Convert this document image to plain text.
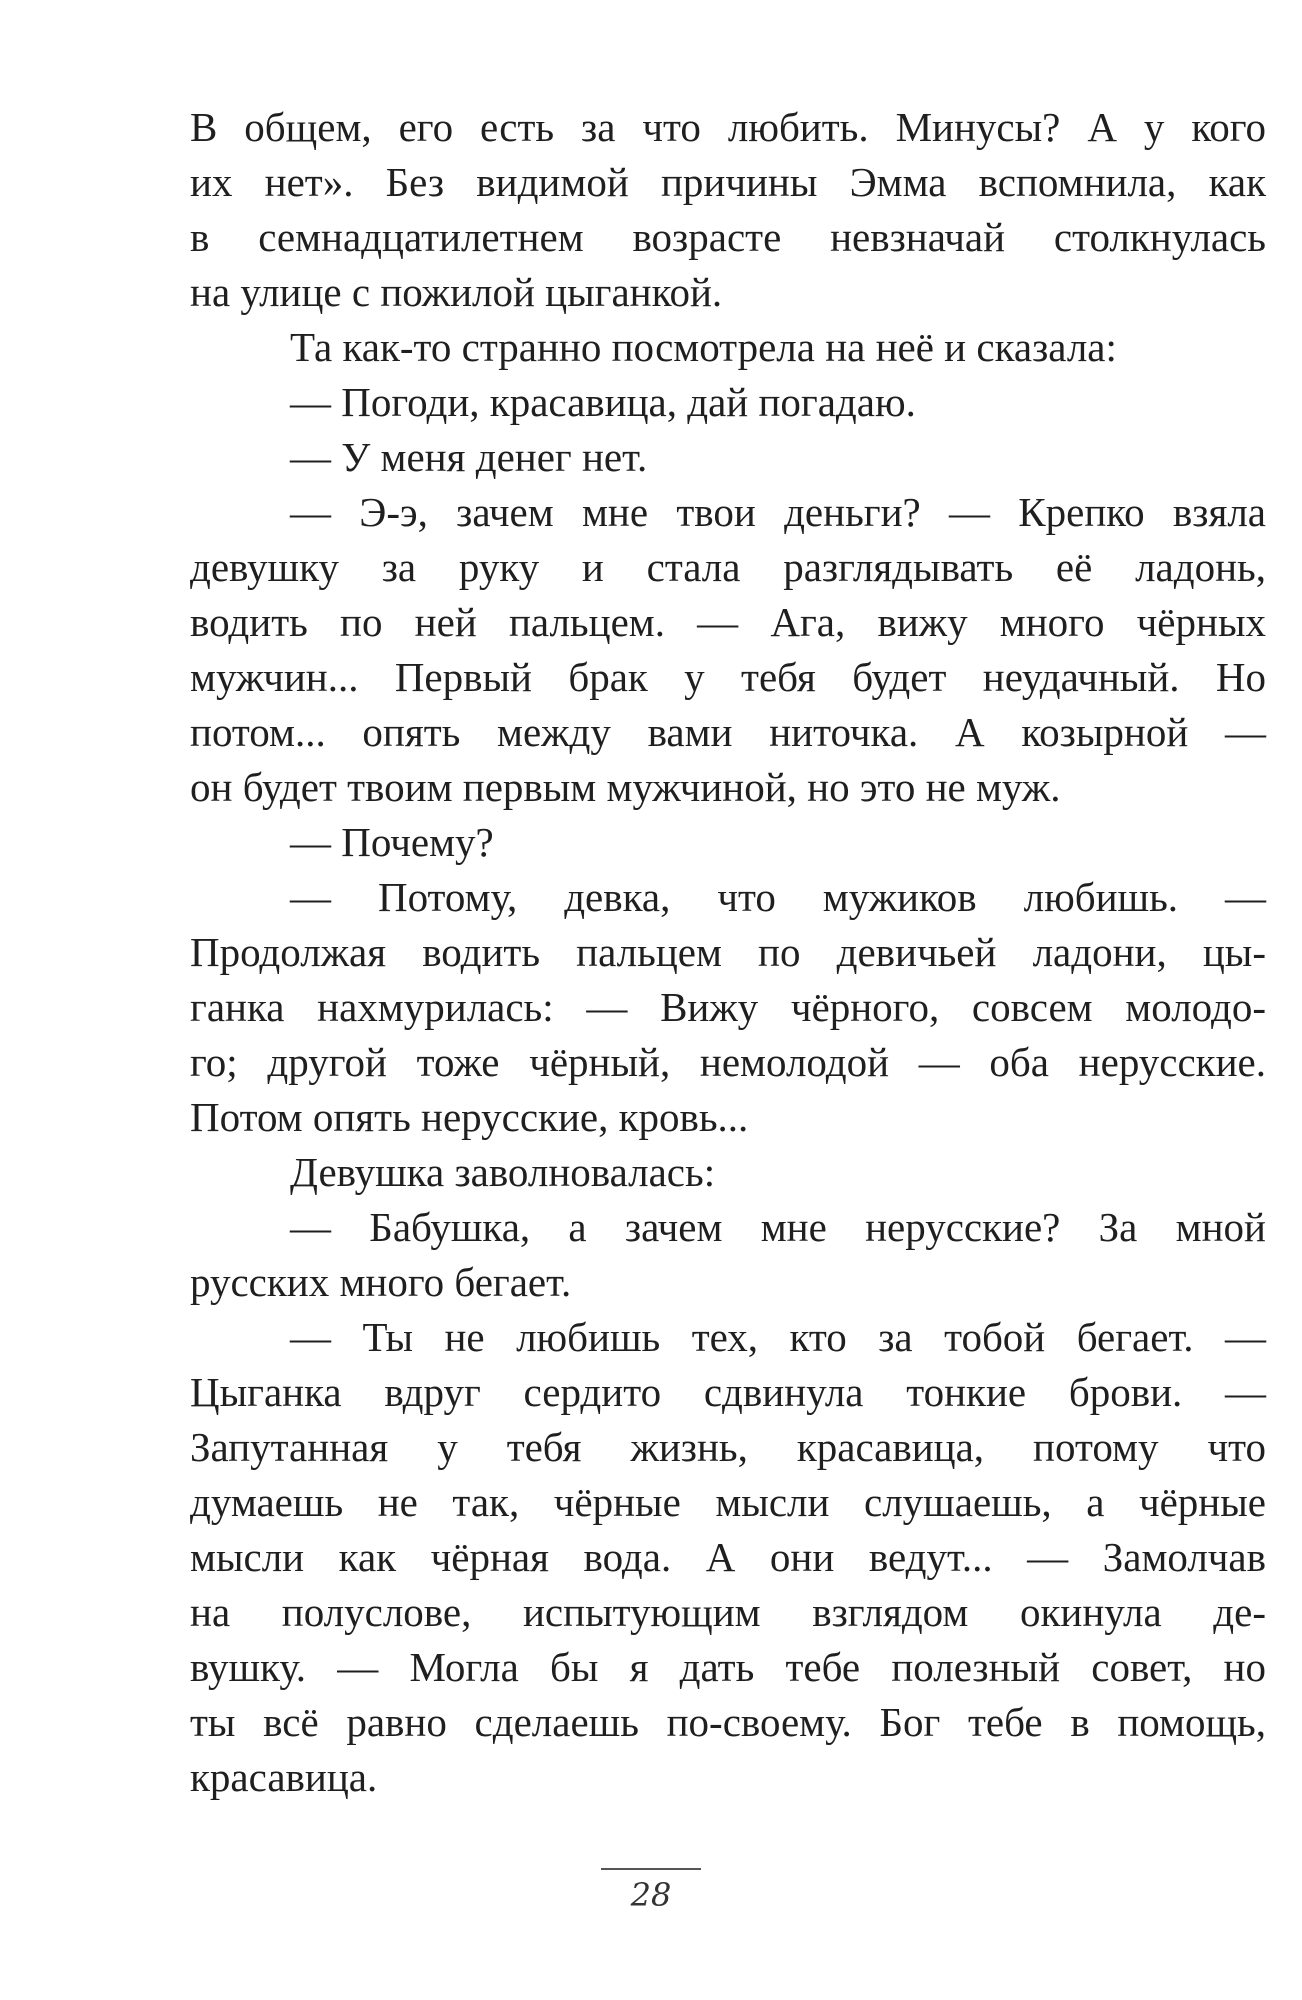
В общем, его есть за что любить. Минусы? А у кого
их нет». Без видимой причины Эмма вспомнила, как
в семнадцатилетнем возрасте невзначай столкнулась
на улице с пожилой цыганкой.

Та как-то странно посмотрела на неё и сказала:

— Погоди, красавица, дай погадаю.

— У меня денег нет.

— Э-э, зачем мне твои деньги? — Крепко взяла
девушку за руку и стала разглядывать её ладонь,
водить по ней пальцем. — Ага, вижу много чёрных
мужчин... Первый брак у тебя будет неудачный. Но
потом... опять между вами ниточка. А козырной —
он будет твоим первым мужчиной, но это не муж.

— Почему?

— Потому, девка, что мужиков любишь. —
Продолжая водить пальцем по девичьей ладони, цы-
ганка нахмурилась: — Вижу чёрного, совсем молодо-
го; другой тоже чёрный, немолодой — оба нерусские.
Потом опять нерусские, кровь...

Девушка заволновалась:

— Бабушка, а зачем мне нерусские? За мной
русских много бегает.

— Ты не любишь тех, кто за тобой бегает. —
Цыганка вдруг сердито сдвинула тонкие брови. —
Запутанная у тебя жизнь, красавица, потому что
думаешь не так, чёрные мысли слушаешь, а чёрные
мысли как чёрная вода. А они ведут... — Замолчав
на полуслове, испытующим взглядом окинула де-
вушку. — Могла бы я дать тебе полезный совет, но
ты всё равно сделаешь по-своему. Бог тебе в помощь,
красавица.

28
